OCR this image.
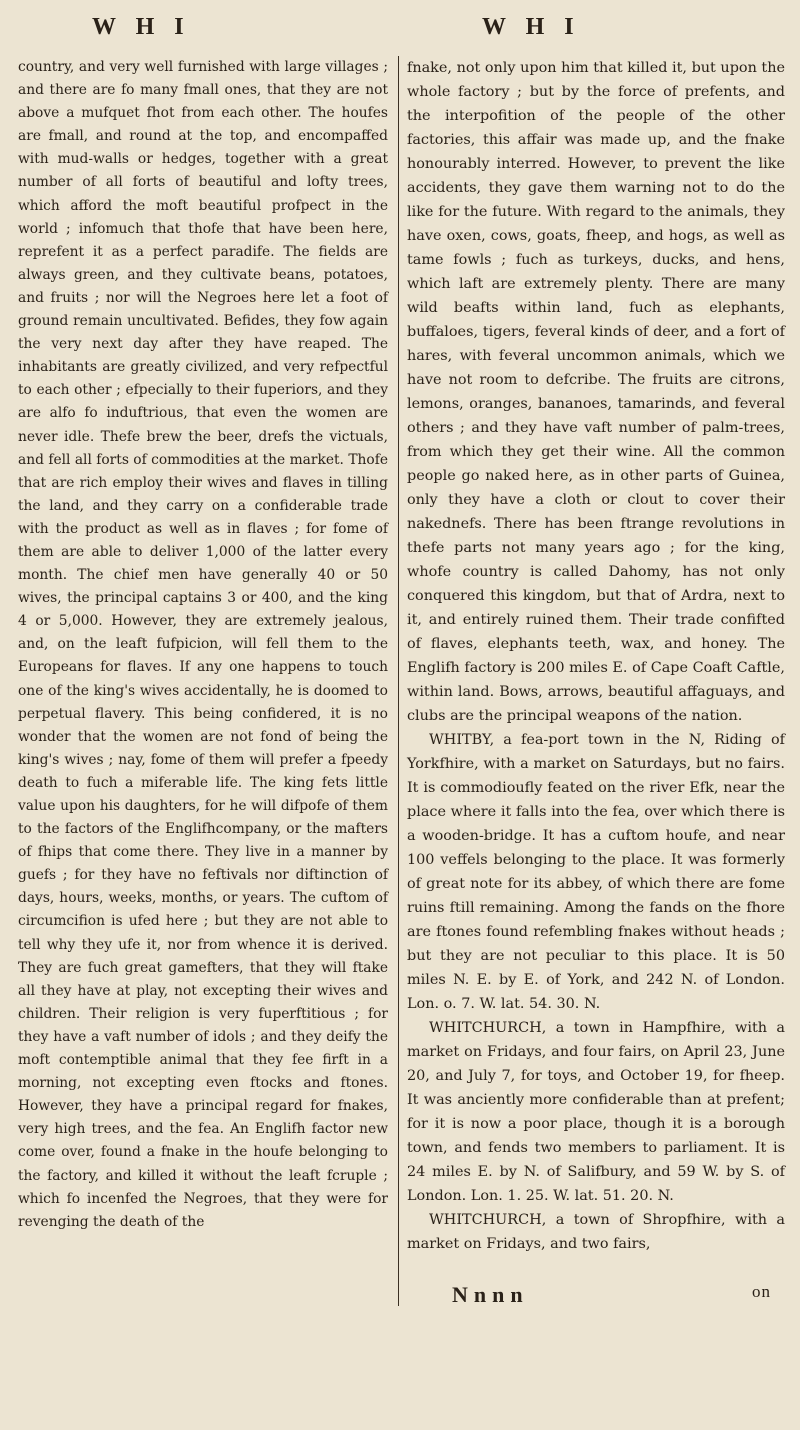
W H I	W H I

country, and very well furnished with large villages ; and there are fo many fmall ones, that they are not above a mufquet fhot from each other. The houfes are fmall, and round at the top, and encompaffed with mud-walls or hedges, together with a great number of all forts of beautiful and lofty trees, which afford the moft beautiful profpect in the world ; infomuch that thofe that have been here, reprefent it as a perfect paradife. The fields are always green, and they cultivate beans, potatoes, and fruits ; nor will the Negroes here let a foot of ground remain uncultivated. Befides, they fow again the very next day after they have reaped. The inhabitants are greatly civilized, and very refpectful to each other ; efpecially to their fuperiors, and they are alfo fo induftrious, that even the women are never idle. Thefe brew the beer, drefs the victuals, and fell all forts of commodities at the market. Thofe that are rich employ their wives and flaves in tilling the land, and they carry on a confiderable trade with the product as well as in flaves ; for fome of them are able to deliver 1,000 of the latter every month. The chief men have generally 40 or 50 wives, the principal captains 3 or 400, and the king 4 or 5,000. However, they are extremely jealous, and, on the leaft fufpicion, will fell them to the Europeans for flaves. If any one happens to touch one of the king's wives accidentally, he is doomed to perpetual flavery. This being confidered, it is no wonder that the women are not fond of being the king's wives ; nay, fome of them will prefer a fpeedy death to fuch a miferable life. The king fets little value upon his daughters, for he will difpofe of them to the factors of the Englifhcompany, or the mafters of fhips that come there. They live in a manner by guefs ; for they have no feftivals nor diftinction of days, hours, weeks, months, or years. The cuftom of circumcifion is ufed here ; but they are not able to tell why they ufe it, nor from whence it is derived. They are fuch great gamefters, that they will ftake all they have at play, not excepting their wives and children. Their religion is very fuperftitious ; for they have a vaft number of idols ; and they deify the moft contemptible animal that they fee firft in a morning, not excepting even ftocks and ftones. However, they have a principal regard for fnakes, very high trees, and the fea. An Englifh factor new come over, found a fnake in the houfe belonging to the factory, and killed it without the leaft fcruple ; which fo incenfed the Negroes, that they were for revenging the death of the

fnake, not only upon him that killed it, but upon the whole factory ; but by the force of prefents, and the interpofition of the people of the other factories, this affair was made up, and the fnake honourably interred. However, to prevent the like accidents, they gave them warning not to do the like for the future. With regard to the animals, they have oxen, cows, goats, fheep, and hogs, as well as tame fowls ; fuch as turkeys, ducks, and hens, which laft are extremely plenty. There are many wild beafts within land, fuch as elephants, buffaloes, tigers, feveral kinds of deer, and a fort of hares, with feveral uncommon animals, which we have not room to defcribe. The fruits are citrons, lemons, oranges, bananoes, tamarinds, and feveral others ; and they have vaft number of palm-trees, from which they get their wine. All the common people go naked here, as in other parts of Guinea, only they have a cloth or clout to cover their nakednefs. There has been ftrange revolutions in thefe parts not many years ago ; for the king, whofe country is called Dahomy, has not only conquered this kingdom, but that of Ardra, next to it, and entirely ruined them. Their trade confifted of flaves, elephants teeth, wax, and honey. The Englifh factory is 200 miles E. of Cape Coaft Caftle, within land. Bows, arrows, beautiful affaguays, and clubs are the principal weapons of the nation.

WHITBY, a fea-port town in the N, Riding of Yorkfhire, with a market on Saturdays, but no fairs. It is commodioufly feated on the river Efk, near the place where it falls into the fea, over which there is a wooden-bridge. It has a cuftom houfe, and near 100 veffels belonging to the place. It was formerly of great note for its abbey, of which there are fome ruins ftill remaining. Among the fands on the fhore are ftones found refembling fnakes without heads ; but they are not peculiar to this place. It is 50 miles N. E. by E. of York, and 242 N. of London. Lon. o. 7. W. lat. 54. 30. N.

WHITCHURCH, a town in Hampfhire, with a market on Fridays, and four fairs, on April 23, June 20, and July 7, for toys, and October 19, for fheep. It was anciently more confiderable than at prefent; for it is now a poor place, though it is a borough town, and fends two members to parliament. It is 24 miles E. by N. of Salifbury, and 59 W. by S. of London. Lon. 1. 25. W. lat. 51. 20. N.

WHITCHURCH, a town of Shropfhire, with a market on Fridays, and two fairs,

Nnnn	on
